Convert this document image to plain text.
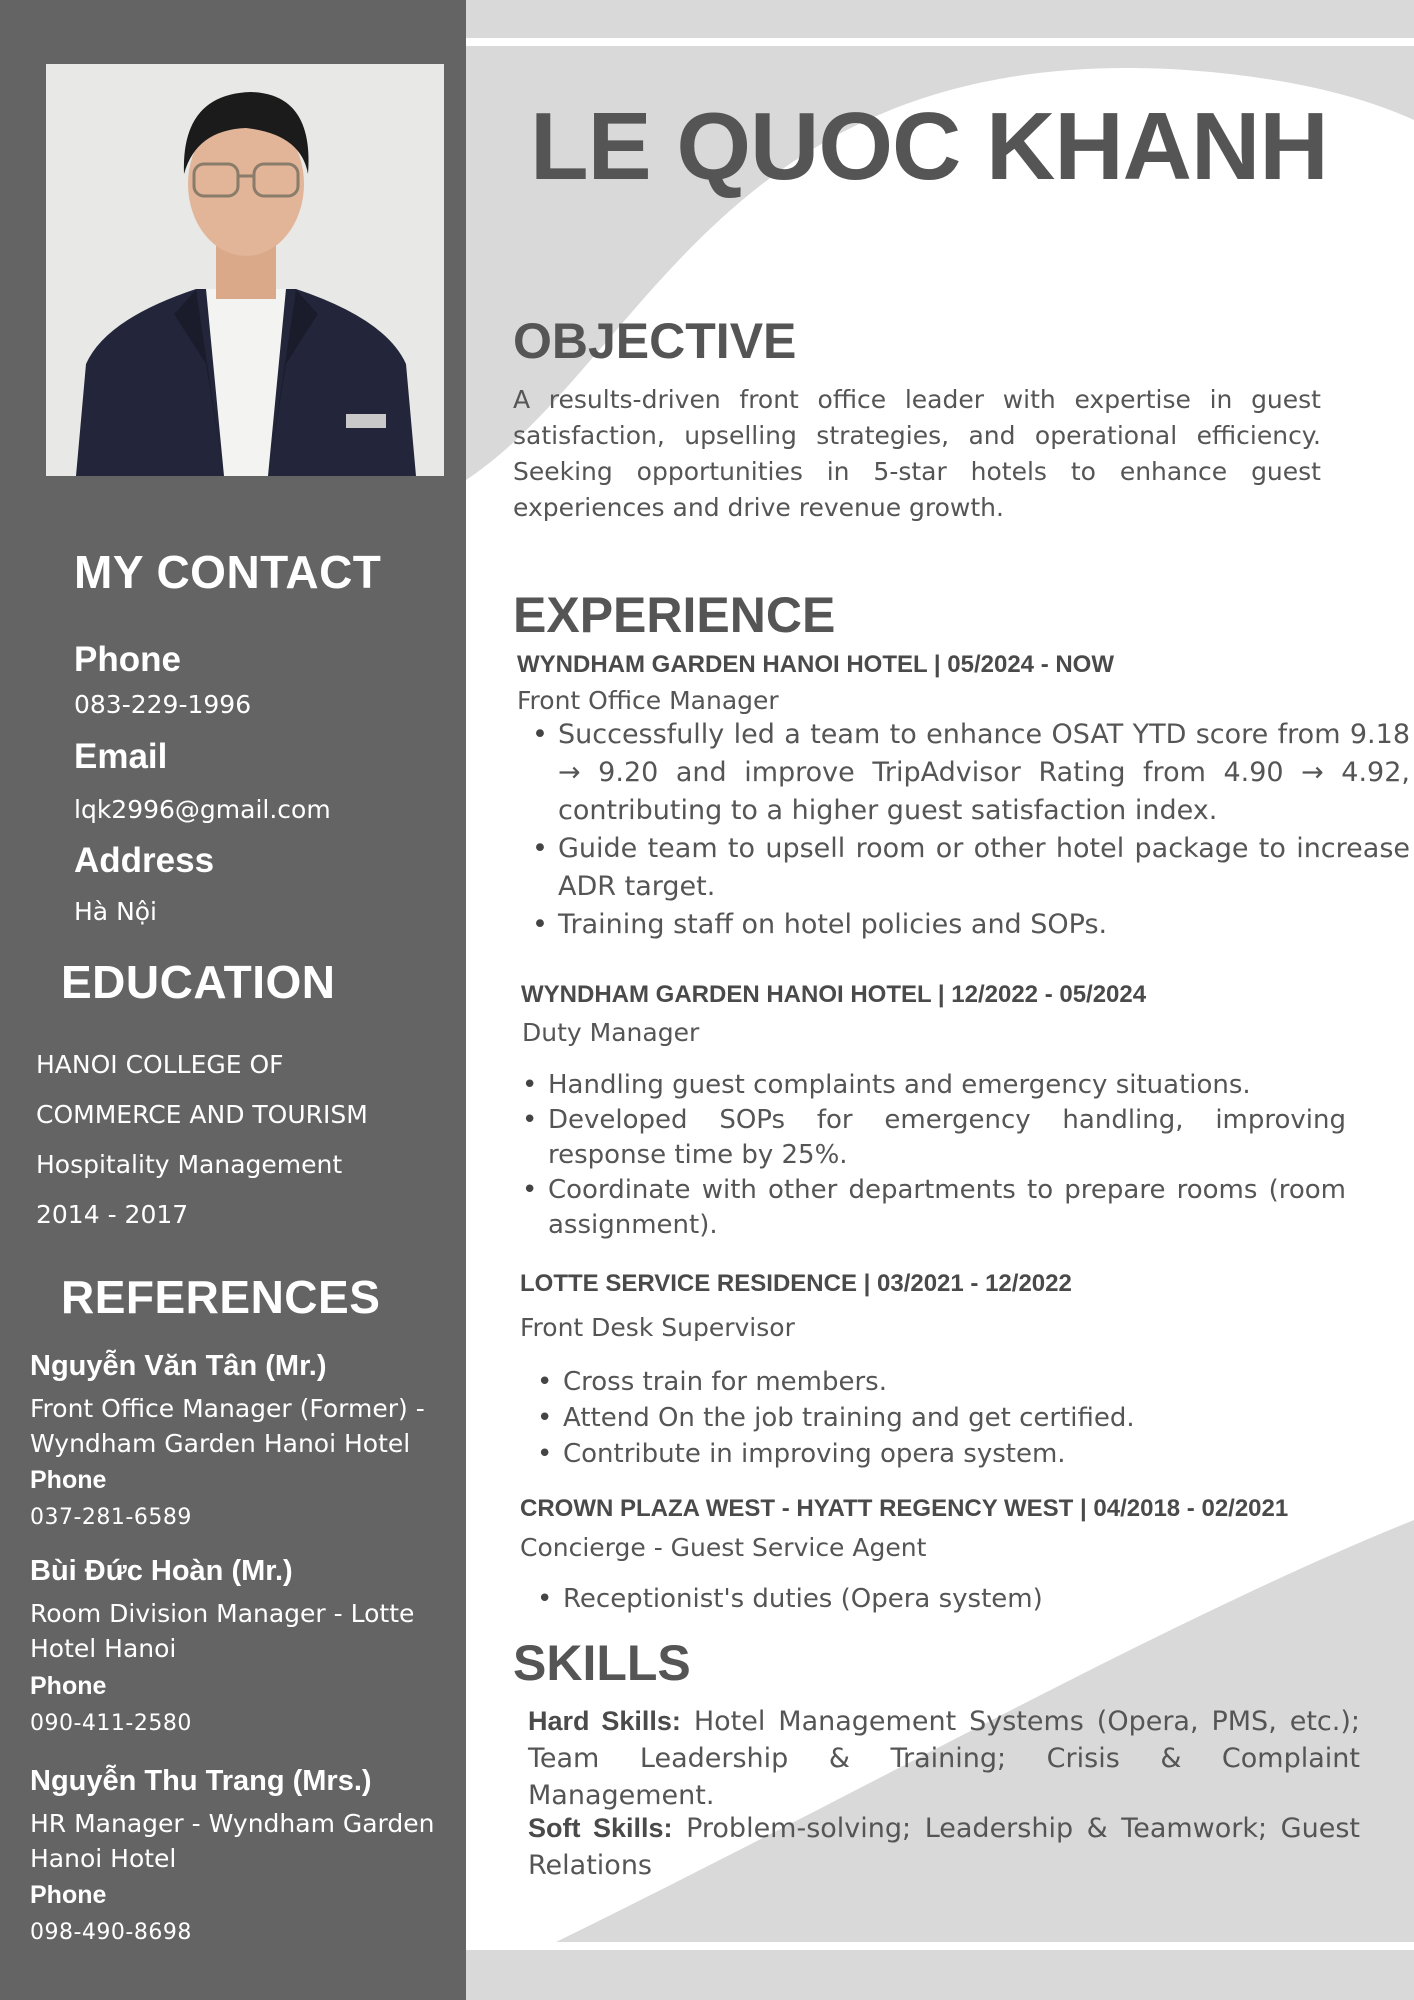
MY CONTACT
Phone
083-229-1996
Email
lqk2996@gmail.com
Address
Hà Nội
EDUCATION
HANOI COLLEGE OF
COMMERCE AND TOURISM
Hospitality Management
2014 - 2017
REFERENCES
Nguyễn Văn Tân (Mr.)
Front Office Manager (Former) - Wyndham Garden Hanoi Hotel
Phone
037-281-6589
Bùi Đức Hoàn (Mr.)
Room Division Manager - Lotte Hotel Hanoi
Phone
090-411-2580
Nguyễn Thu Trang (Mrs.)
HR Manager - Wyndham Garden Hanoi Hotel
Phone
098-490-8698
LE QUOC KHANH
OBJECTIVE

A results-driven front office leader with expertise in guest satisfaction, upselling strategies, and operational efficiency. Seeking opportunities in 5-star hotels to enhance guest experiences and drive revenue growth.

EXPERIENCE
WYNDHAM GARDEN HANOI HOTEL | 05/2024 - NOW
Front Office Manager
• Successfully led a team to enhance OSAT YTD score from 9.18 → 9.20 and improve TripAdvisor Rating from 4.90 → 4.92, contributing to a higher guest satisfaction index.
• Guide team to upsell room or other hotel package to increase ADR target.
• Training staff on hotel policies and SOPs.
WYNDHAM GARDEN HANOI HOTEL | 12/2022 - 05/2024
Duty Manager
• Handling guest complaints and emergency situations.
• Developed SOPs for emergency handling, improving response time by 25%.
• Coordinate with other departments to prepare rooms (room assignment).
LOTTE SERVICE RESIDENCE | 03/2021 - 12/2022
Front Desk Supervisor
• Cross train for members.
• Attend On the job training and get certified.
• Contribute in improving opera system.
CROWN PLAZA WEST - HYATT REGENCY WEST | 04/2018 - 02/2021
Concierge - Guest Service Agent
• Receptionist's duties (Opera system)
SKILLS
Hard Skills: Hotel Management Systems (Opera, PMS, etc.); Team Leadership & Training; Crisis & Complaint Management.
Soft Skills: Problem-solving; Leadership & Teamwork; Guest Relations
